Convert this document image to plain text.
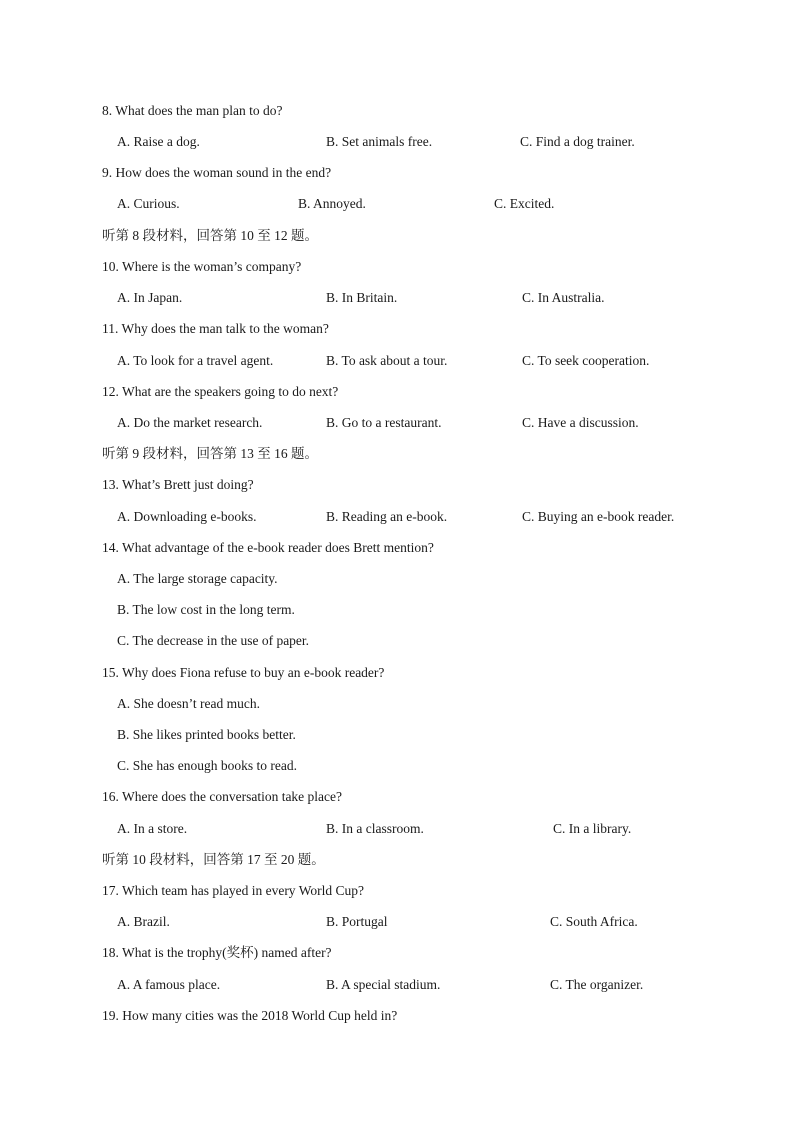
8. What does the man plan to do?
A. Raise a dog.	B. Set animals free.	C. Find a dog trainer.
9. How does the woman sound in the end?
A. Curious.	B. Annoyed.	C. Excited.
听第 8 段材料，回答第 10 至 12 题。
10. Where is the woman’s company?
A. In Japan.	B. In Britain.	C. In Australia.
11. Why does the man talk to the woman?
A. To look for a travel agent.	B. To ask about a tour.	C. To seek cooperation.
12. What are the speakers going to do next?
A. Do the market research.	B. Go to a restaurant.	C. Have a discussion.
听第 9 段材料，回答第 13 至 16 题。
13. What’s Brett just doing?
A. Downloading e-books.	B. Reading an e-book.	C. Buying an e-book reader.
14. What advantage of the e-book reader does Brett mention?
A. The large storage capacity.
B. The low cost in the long term.
C. The decrease in the use of paper.
15. Why does Fiona refuse to buy an e-book reader?
A. She doesn’t read much.
B. She likes printed books better.
C. She has enough books to read.
16. Where does the conversation take place?
A. In a store.	B. In a classroom.	C. In a library.
听第 10 段材料，回答第 17 至 20 题。
17. Which team has played in every World Cup?
A. Brazil.	B. Portugal	C. South Africa.
18. What is the trophy(奖杯) named after?
A. A famous place.	B. A special stadium.	C. The organizer.
19. How many cities was the 2018 World Cup held in?
